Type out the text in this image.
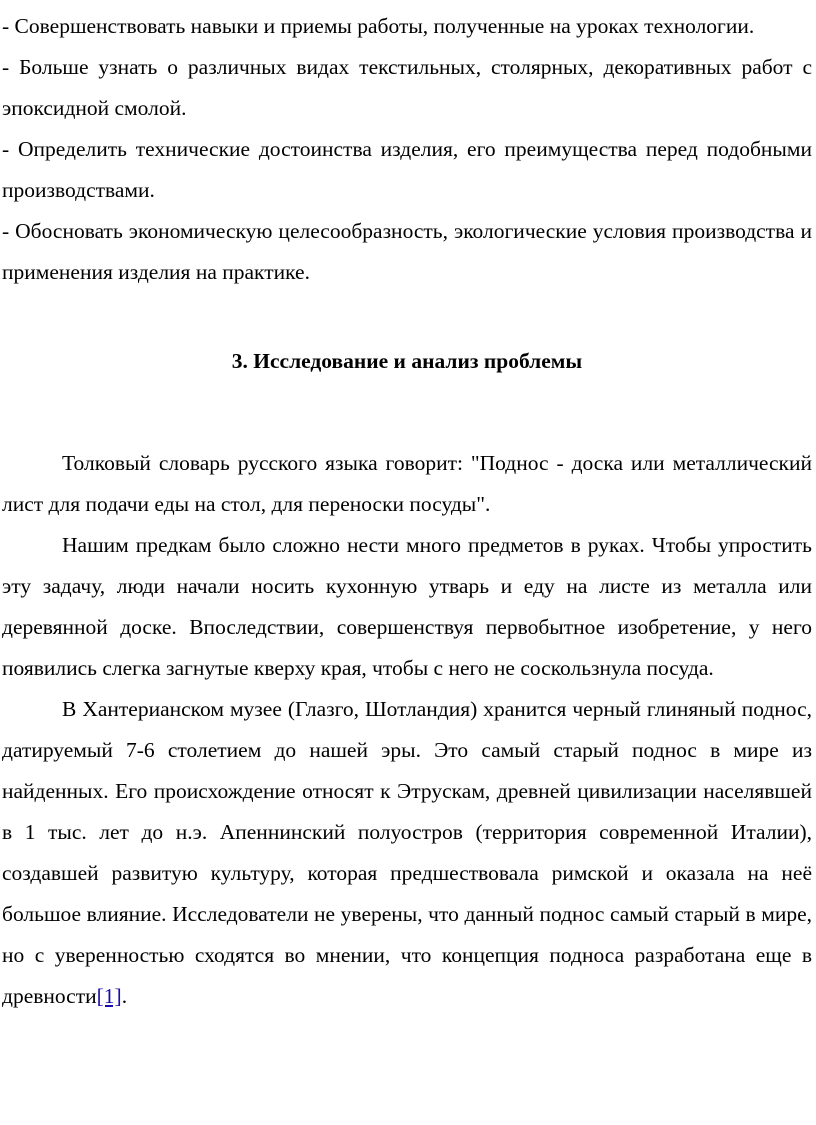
- Совершенствовать навыки и приемы работы, полученные на уроках технологии.

- Больше узнать о различных видах текстильных, столярных, декоративных работ с эпоксидной смолой.

- Определить технические достоинства изделия, его преимущества перед подобными производствами.

- Обосновать экономическую целесообразность, экологические условия производства и применения изделия на практике.

3. Исследование и анализ проблемы

Толковый словарь русского языка говорит: "Поднос - доска или металлический лист для подачи еды на стол, для переноски посуды".

Нашим предкам было сложно нести много предметов в руках. Чтобы упростить эту задачу, люди начали носить кухонную утварь и еду на листе из металла или деревянной доске. Впоследствии, совершенствуя первобытное изобретение, у него появились слегка загнутые кверху края, чтобы с него не соскользнула посуда.

В Хантерианском музее (Глазго, Шотландия) хранится черный глиняный поднос, датируемый 7-6 столетием до нашей эры. Это самый старый поднос в мире из найденных. Его происхождение относят к Этрускам, древней цивилизации населявшей в 1 тыс. лет до н.э. Апеннинский полуостров (территория современной Италии), создавшей развитую культуру, которая предшествовала римской и оказала на неё большое влияние. Исследователи не уверены, что данный поднос самый старый в мире, но с уверенностью сходятся во мнении, что концепция подноса разработана еще в древности[1].
